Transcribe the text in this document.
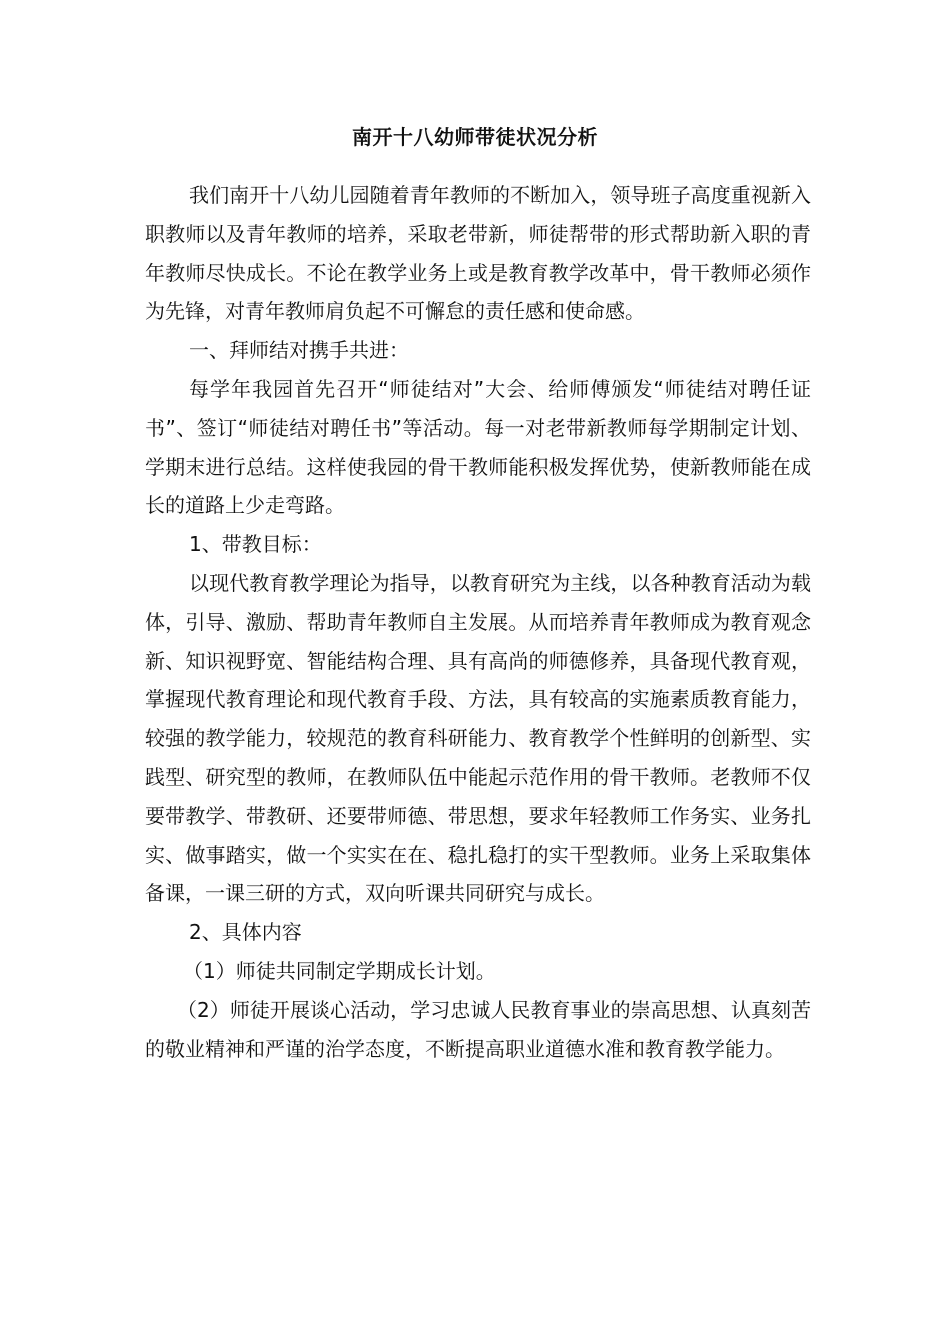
南开十八幼师带徒状况分析

我们南开十八幼儿园随着青年教师的不断加入，领导班子高度重视新入职教师以及青年教师的培养，采取老带新，师徒帮带的形式帮助新入职的青年教师尽快成长。不论在教学业务上或是教育教学改革中，骨干教师必须作为先锋，对青年教师肩负起不可懈怠的责任感和使命感。

一、拜师结对携手共进：

每学年我园首先召开“师徒结对”大会、给师傅颁发“师徒结对聘任证书”、签订“师徒结对聘任书”等活动。每一对老带新教师每学期制定计划、学期末进行总结。这样使我园的骨干教师能积极发挥优势，使新教师能在成长的道路上少走弯路。

1、带教目标：

以现代教育教学理论为指导，以教育研究为主线，以各种教育活动为载体，引导、激励、帮助青年教师自主发展。从而培养青年教师成为教育观念新、知识视野宽、智能结构合理、具有高尚的师德修养，具备现代教育观，掌握现代教育理论和现代教育手段、方法，具有较高的实施素质教育能力，较强的教学能力，较规范的教育科研能力、教育教学个性鲜明的创新型、实践型、研究型的教师，在教师队伍中能起示范作用的骨干教师。老教师不仅要带教学、带教研、还要带师德、带思想，要求年轻教师工作务实、业务扎实、做事踏实，做一个实实在在、稳扎稳打的实干型教师。业务上采取集体备课，一课三研的方式，双向听课共同研究与成长。

2、具体内容

（1）师徒共同制定学期成长计划。

（2）师徒开展谈心活动，学习忠诚人民教育事业的崇高思想、认真刻苦的敬业精神和严谨的治学态度，不断提高职业道德水准和教育教学能力。
